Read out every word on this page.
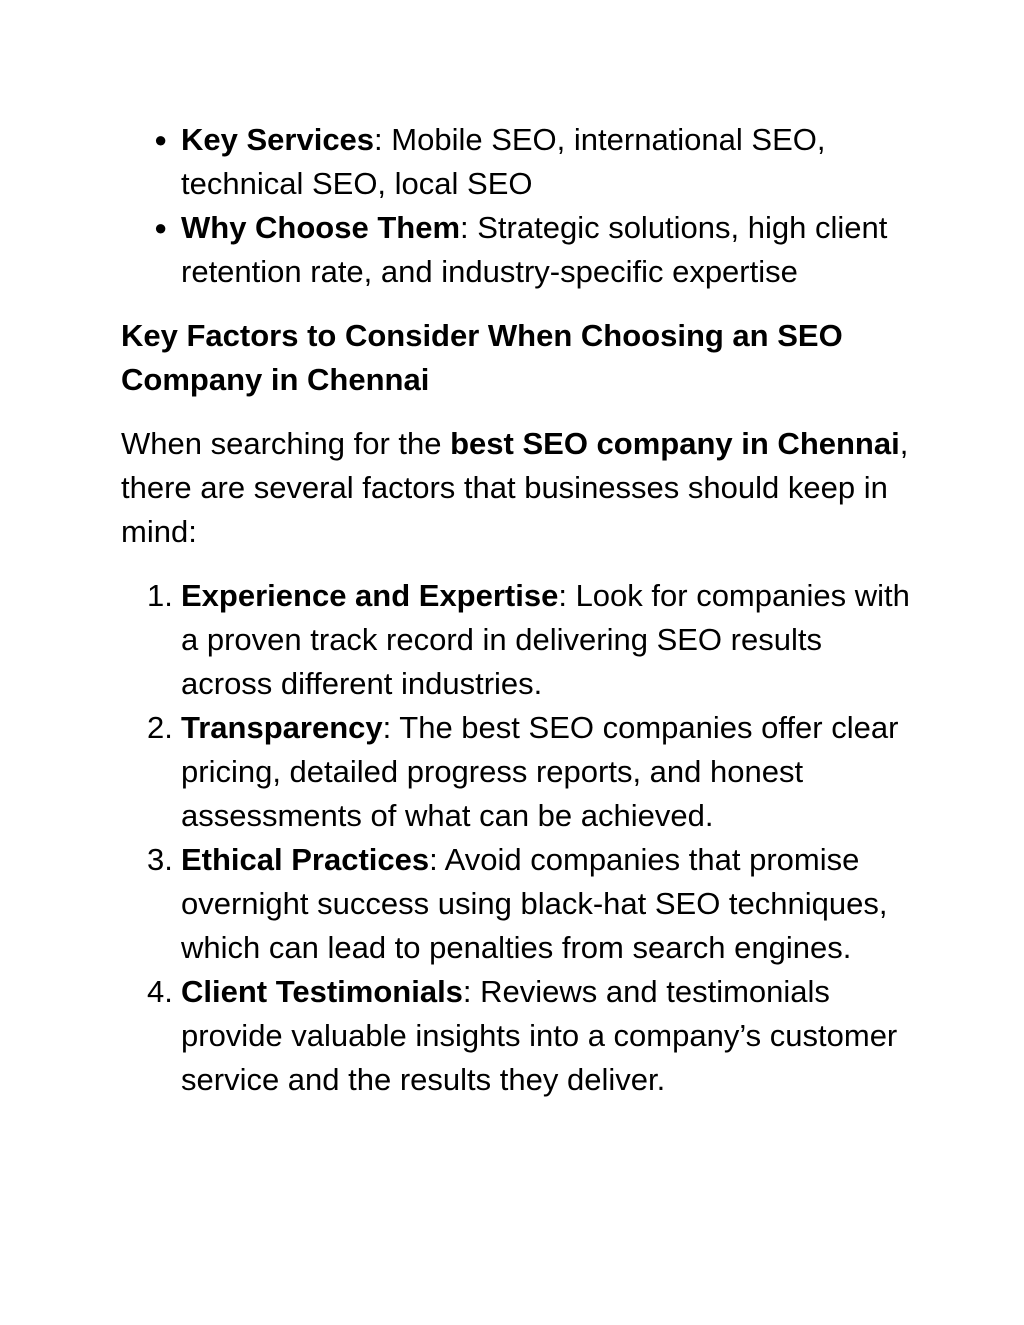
● Key Services: Mobile SEO, international SEO, technical SEO, local SEO
● Why Choose Them: Strategic solutions, high client retention rate, and industry-specific expertise
Key Factors to Consider When Choosing an SEO Company in Chennai

When searching for the best SEO company in Chennai, there are several factors that businesses should keep in mind:

1. Experience and Expertise: Look for companies with a proven track record in delivering SEO results across different industries.
2. Transparency: The best SEO companies offer clear pricing, detailed progress reports, and honest assessments of what can be achieved.
3. Ethical Practices: Avoid companies that promise overnight success using black-hat SEO techniques, which can lead to penalties from search engines.
4. Client Testimonials: Reviews and testimonials provide valuable insights into a company’s customer service and the results they deliver.
